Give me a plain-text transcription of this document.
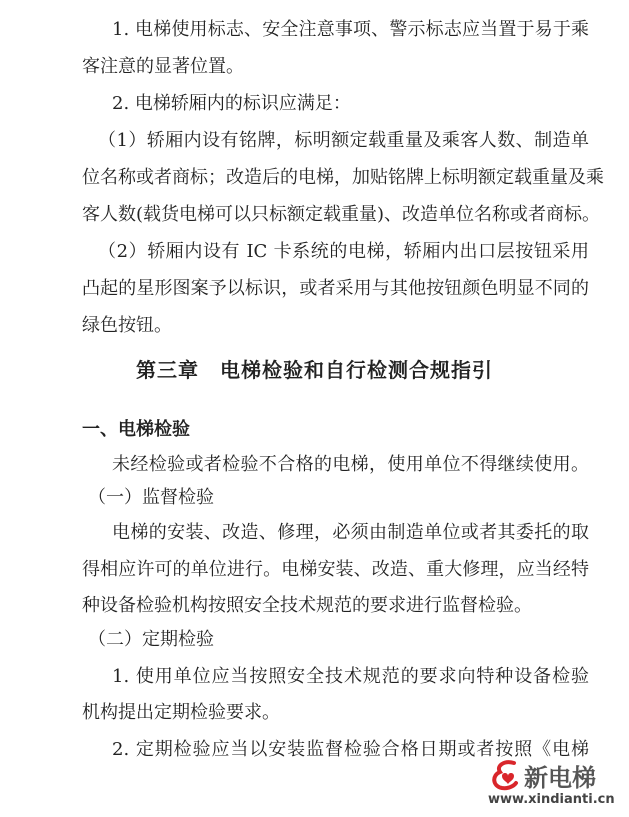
1. 电梯使用标志、安全注意事项、警示标志应当置于易于乘
客注意的显著位置。
2. 电梯轿厢内的标识应满足：
（1）轿厢内设有铭牌，标明额定载重量及乘客人数、制造单
位名称或者商标；改造后的电梯，加贴铭牌上标明额定载重量及乘
客人数(载货电梯可以只标额定载重量)、改造单位名称或者商标。
（2）轿厢内设有 IC 卡系统的电梯，轿厢内出口层按钮采用
凸起的星形图案予以标识，或者采用与其他按钮颜色明显不同的
绿色按钮。
第三章　电梯检验和自行检测合规指引
一、电梯检验
未经检验或者检验不合格的电梯，使用单位不得继续使用。
（一）监督检验
电梯的安装、改造、修理，必须由制造单位或者其委托的取
得相应许可的单位进行。电梯安装、改造、重大修理，应当经特
种设备检验机构按照安全技术规范的要求进行监督检验。
（二）定期检验
1. 使用单位应当按照安全技术规范的要求向特种设备检验
机构提出定期检验要求。
2. 定期检验应当以安装监督检验合格日期或者按照《电梯
新电梯
www.xindianti.cn
